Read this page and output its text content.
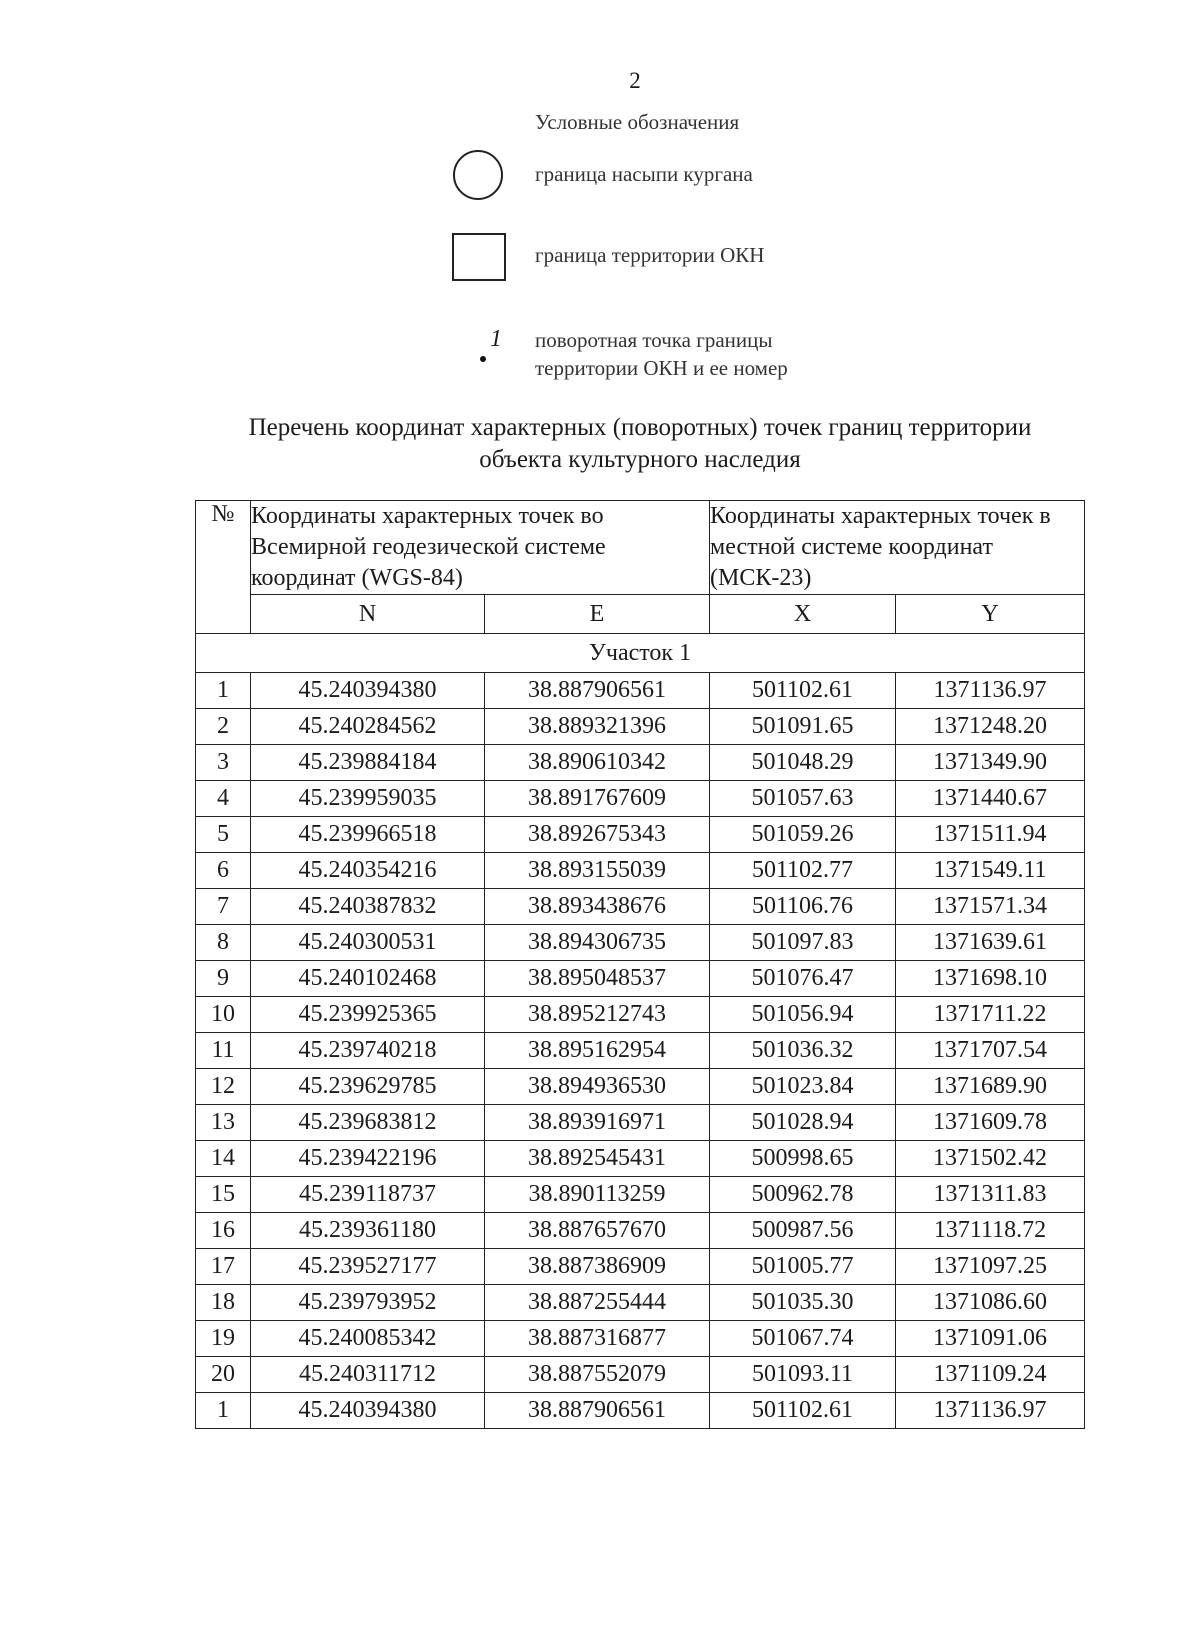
2
Условные обозначения
граница насыпи кургана
граница территории ОКН
1 поворотная точка границы
территории ОКН и ее номер
Перечень координат характерных (поворотных) точек границ территории
объекта культурного наследия
№	Координаты характерных точек во Всемирной геодезической системе координат (WGS-84)		Координаты характерных точек в местной системе координат (МСК-23)	
	N	E	X	Y
Участок 1				
1	45.240394380	38.887906561	501102.61	1371136.97
2	45.240284562	38.889321396	501091.65	1371248.20
3	45.239884184	38.890610342	501048.29	1371349.90
4	45.239959035	38.891767609	501057.63	1371440.67
5	45.239966518	38.892675343	501059.26	1371511.94
6	45.240354216	38.893155039	501102.77	1371549.11
7	45.240387832	38.893438676	501106.76	1371571.34
8	45.240300531	38.894306735	501097.83	1371639.61
9	45.240102468	38.895048537	501076.47	1371698.10
10	45.239925365	38.895212743	501056.94	1371711.22
11	45.239740218	38.895162954	501036.32	1371707.54
12	45.239629785	38.894936530	501023.84	1371689.90
13	45.239683812	38.893916971	501028.94	1371609.78
14	45.239422196	38.892545431	500998.65	1371502.42
15	45.239118737	38.890113259	500962.78	1371311.83
16	45.239361180	38.887657670	500987.56	1371118.72
17	45.239527177	38.887386909	501005.77	1371097.25
18	45.239793952	38.887255444	501035.30	1371086.60
19	45.240085342	38.887316877	501067.74	1371091.06
20	45.240311712	38.887552079	501093.11	1371109.24
1	45.240394380	38.887906561	501102.61	1371136.97
